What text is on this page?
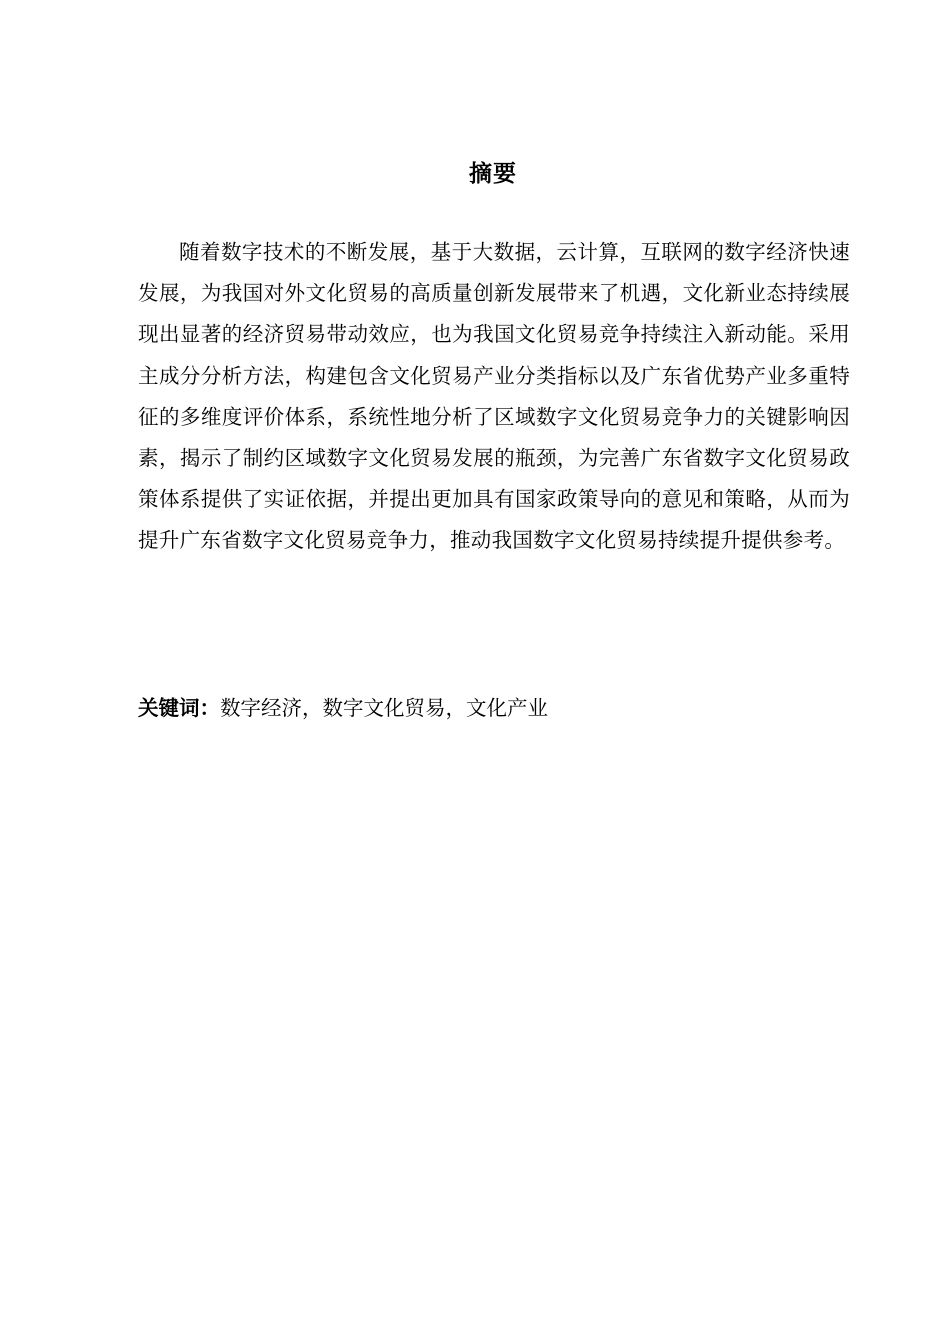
摘要

随着数字技术的不断发展，基于大数据，云计算，互联网的数字经济快速发展，为我国对外文化贸易的高质量创新发展带来了机遇，文化新业态持续展现出显著的经济贸易带动效应，也为我国文化贸易竞争持续注入新动能。采用主成分分析方法，构建包含文化贸易产业分类指标以及广东省优势产业多重特征的多维度评价体系，系统性地分析了区域数字文化贸易竞争力的关键影响因素，揭示了制约区域数字文化贸易发展的瓶颈，为完善广东省数字文化贸易政策体系提供了实证依据，并提出更加具有国家政策导向的意见和策略，从而为提升广东省数字文化贸易竞争力，推动我国数字文化贸易持续提升提供参考。

关键词：数字经济，数字文化贸易，文化产业
